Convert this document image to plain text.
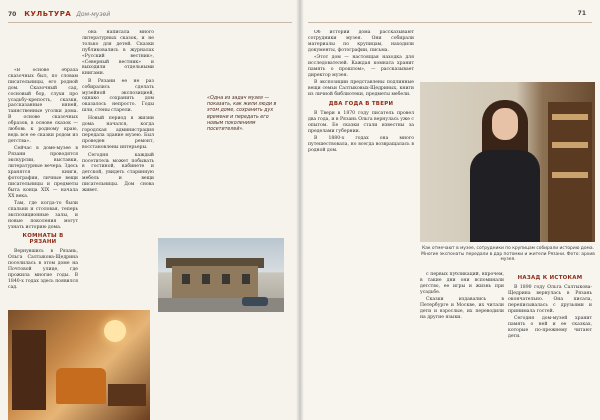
70 КУЛЬТУРА Дом-музей

«В основе образа сказочных был, по словам писательницы, его родной дом. Сказочный сад, сосновый бор, слухи про усадьбу-крепость, сказки, рассказанные няней, таинственные уголки дома. В основе сказочных образов, в основе сказок — любовь к родному краю, ведь все ее сказки родом из детства».

Сейчас в доме-музее в Рязани проводятся экскурсии, выставки, литературные вечера. Здесь хранятся книги, фотографии, личные вещи писательницы и предметы быта конца XIX — начала XX века.

Там, где когда-то были спальни и столовая, теперь экспозиционные залы, и новые поколения могут узнать историю дома.

КОМНАТЫ В РЯЗАНИ

Вернувшись в Рязань, Ольга Салтыкова-Щедрина поселилась в этом доме на Почтовой улице, где прожила многие годы. В 1840-х годах здесь появился сад.

она написала много литературных сказок, и не только для детей. Сказки публиковались в журналах «Русский вестник», «Северный вестник» и выходили отдельными книгами.

В Рязани ее не раз собирались сделать музейной экспозицией, однако сохранить дом оказалось непросто. Годы шли, стены старели.

Новый период в жизни дома начался, когда городская администрация передала здание музею. Был проведен ремонт, восстановлены интерьеры.

Сегодня каждый посетитель может побывать в гостиной, кабинете и детской, увидеть старинную мебель и вещи писательницы. Дом снова живет.

«Одна из задач музея — показать, как жили люди в этом доме, сохранить дух времени и передать его новым поколениям посетителей».
71

Об истории дома рассказывают сотрудники музея. Они собирали материалы по крупицам, находили документы, фотографии, письма.

«Этот дом — настоящая находка для исследователей. Каждая комната хранит память о прошлом», — рассказывает директор музея.

В экспозиции представлены подлинные вещи семьи Салтыковых-Щедриных, книги из личной библиотеки, предметы мебели.

ДВА ГОДА В ТВЕРИ

В Твери в 1870 году писатель провел два года, и в Рязань Ольга вернулась уже с опытом. Ее сказки стали известны за пределами губернии.

В 1880-х годах она много путешествовала, но всегда возвращалась в родной дом.

Как отмечают в музее, сотрудники по крупицам собирали историю дома. Многие экспонаты передали в дар потомки и жители Рязани. Фото: архив музея.

с первых публикаций, впрочем, в такие дни они вспоминали детство, ее игры и жизнь при усадьбе.

Сказки издавались в Петербурге и Москве, их читали дети и взрослые, их переводили на другие языки.

НАЗАД К ИСТОКАМ

В 1890 году Ольга Салтыкова-Щедрина вернулась в Рязань окончательно. Она писала, переписывалась с друзьями и принимала гостей.

Сегодня дом-музей хранит память о ней и ее сказках, которые по-прежнему читают дети.
